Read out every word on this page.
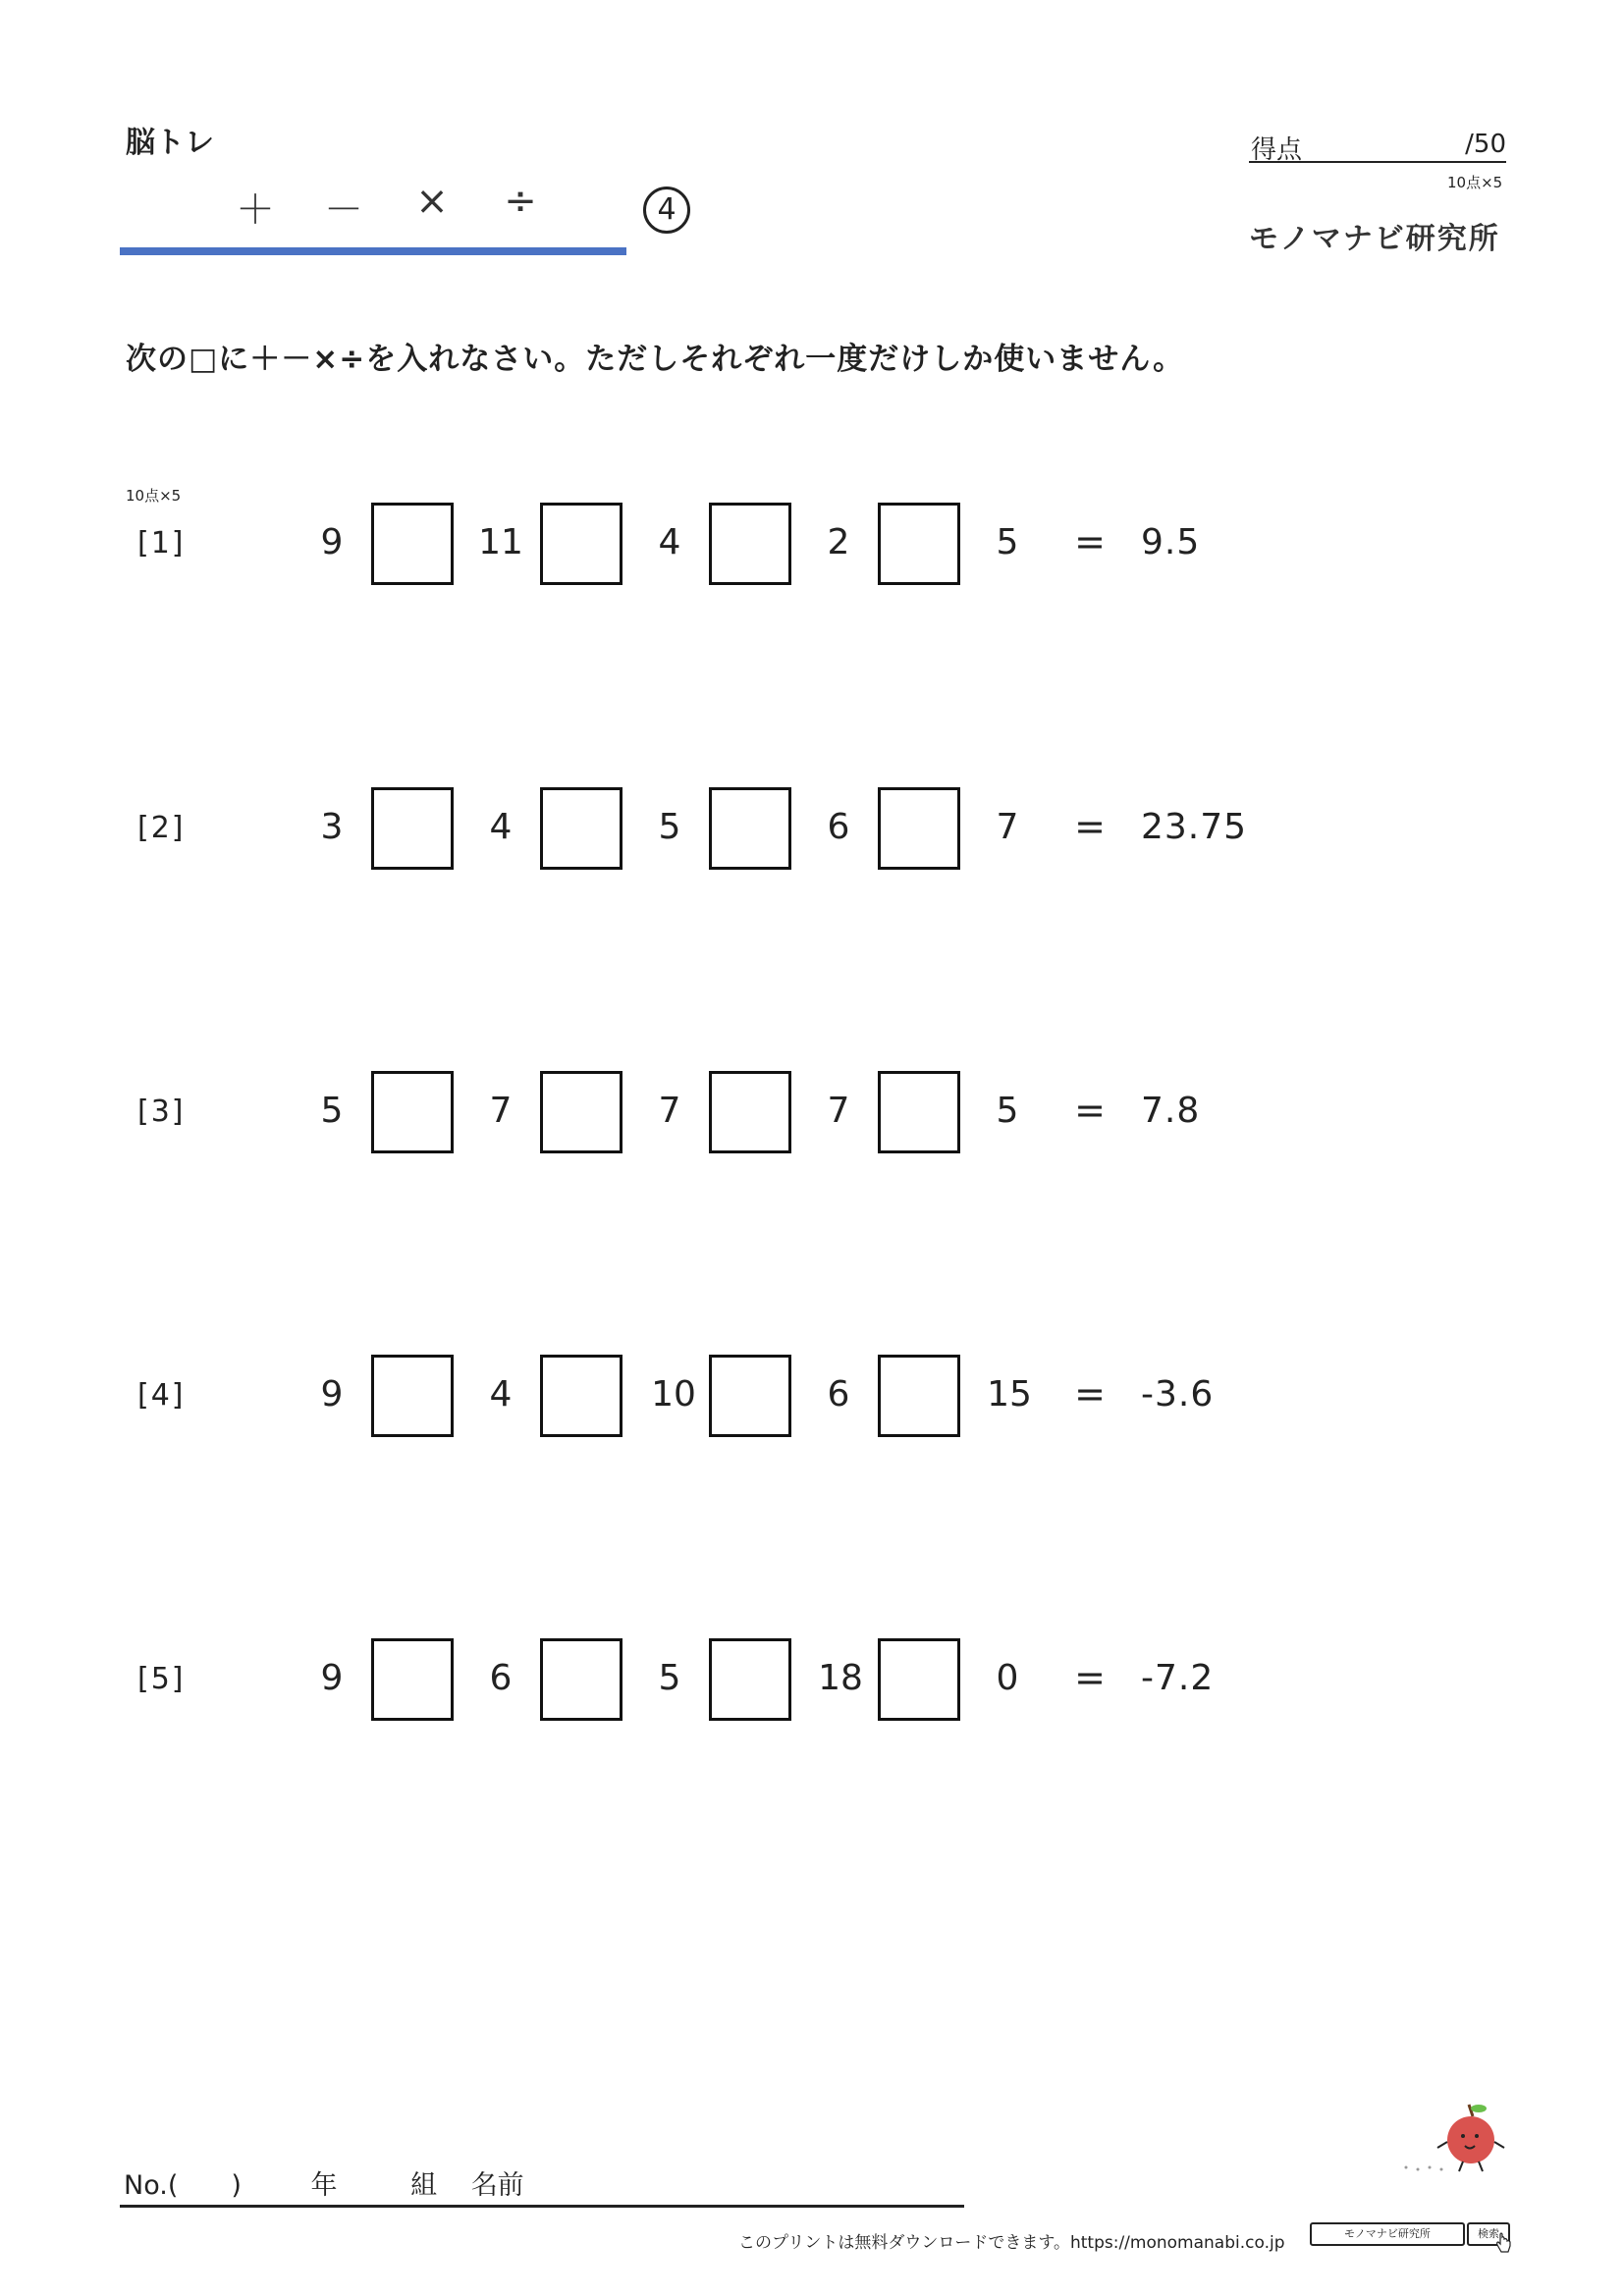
脳トレ
＋ －	×	÷	4
得点	/50
10点×5
モノマナビ研究所
次の□に＋－×÷を入れなさい。ただしそれぞれ一度だけしか使いません。
10点×5
[1]	9	11	4	2	5	= 9.5
[2]	3	4	5	6	7	= 23.75
[3]	5	7	7	7	5	= 7.8
[4]	9	4	10	6	15 = -3.6
[5]	9	6	5	18	0	= -7.2
No.(　　)	年	組 名前
このプリントは無料ダウンロードできます。https://monomanabi.co.jp	モノマナビ研究所	検索
